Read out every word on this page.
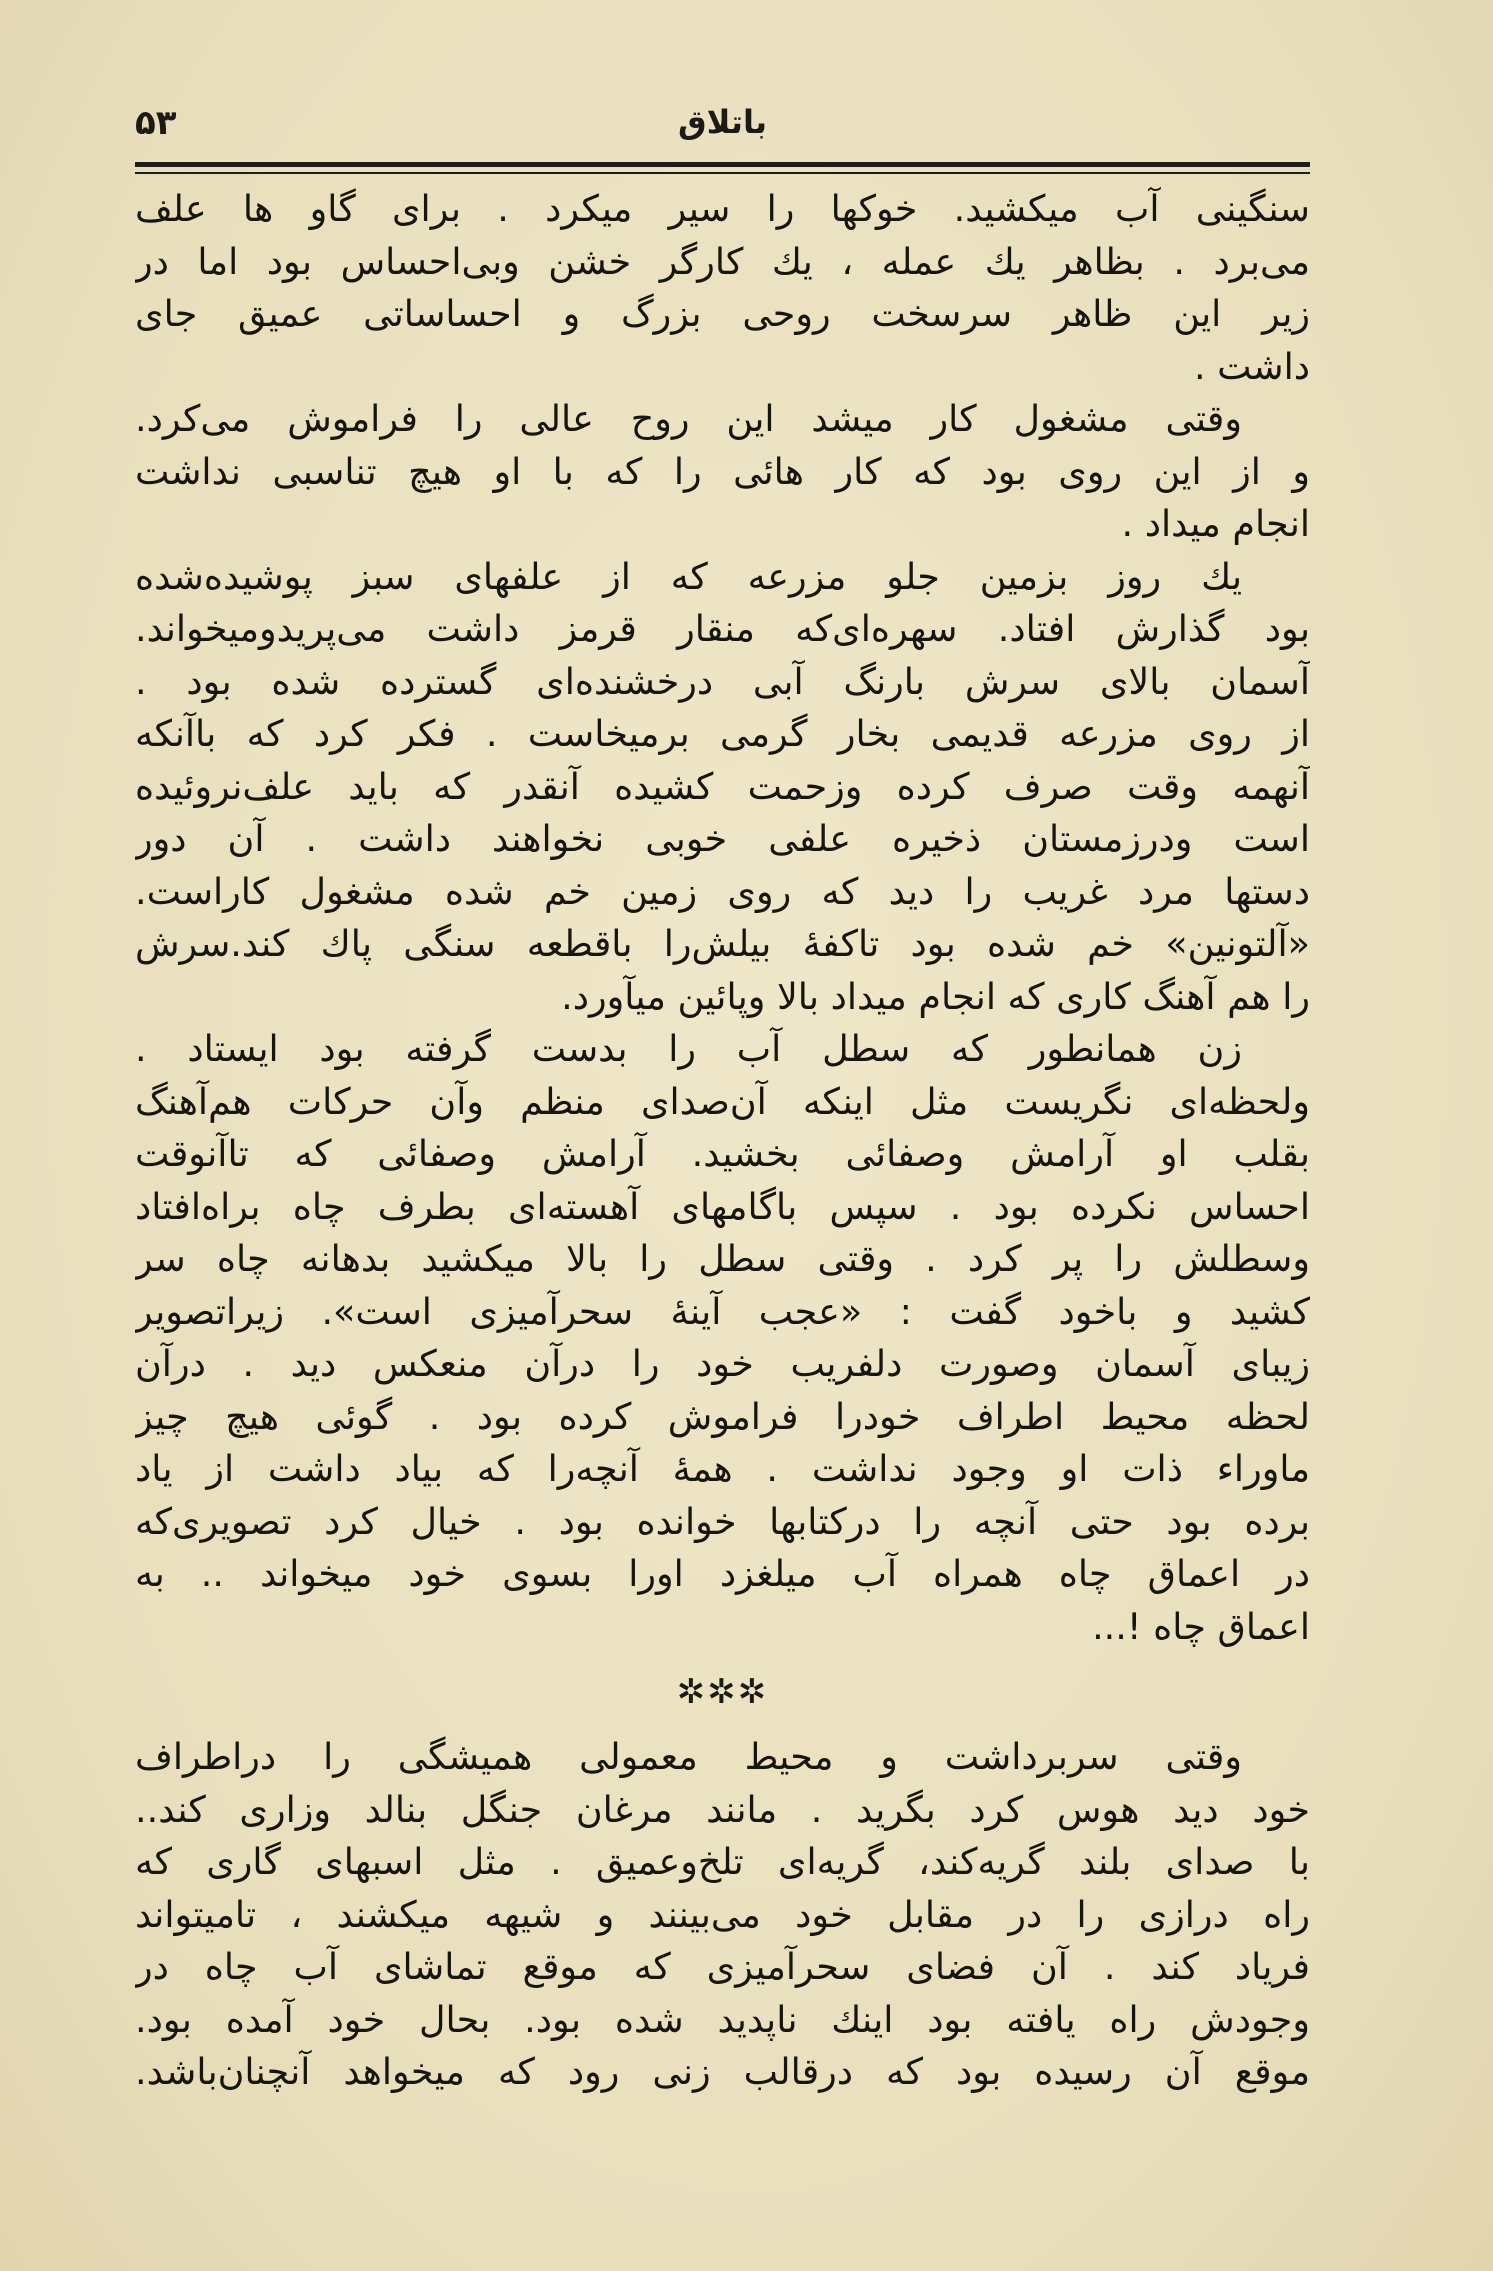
۵۳	باتلاق
سنگینی آب میکشید. خوکها را سیر میکرد . برای گاو ها علف
می‌برد . بظاهر یك عمله ، یك کارگر خشن وبی‌احساس بود اما در
زیر این ظاهر سرسخت روحی بزرگ و احساساتی عمیق جای
داشت .
وقتی مشغول کار میشد این روح عالی را فراموش می‌کرد.
و از این روی بود که کار هائی را که با او هیچ تناسبی نداشت
انجام میداد .
یك روز بزمین جلو مزرعه که از علفهای سبز پوشیده‌شده
بود گذارش افتاد. سهره‌ای‌که منقار قرمز داشت می‌پریدومیخواند.
آسمان بالای سرش بارنگ آبی درخشنده‌ای گسترده شده بود .
از روی مزرعه قدیمی بخار گرمی برمیخاست . فکر کرد که باآنکه
آنهمه وقت صرف کرده وزحمت کشیده آنقدر که باید علف‌نروئیده
است ودرزمستان ذخیره علفی خوبی نخواهند داشت . آن دور
دستها مرد غریب را دید که روی زمین خم شده مشغول کاراست.
«آلتونین» خم شده بود تاکفهٔ بیلش‌را باقطعه سنگی پاك کند.سرش
را هم آهنگ کاری که انجام میداد بالا وپائین میآورد.
زن همانطور که سطل آب را بدست گرفته بود ایستاد .
ولحظه‌ای نگریست مثل اینکه آن‌صدای منظم وآن حرکات هم‌آهنگ
بقلب او آرامش وصفائی بخشید. آرامش وصفائی که تاآنوقت
احساس نکرده بود . سپس باگامهای آهسته‌ای بطرف چاه براه‌افتاد
وسطلش را پر کرد . وقتی سطل را بالا میکشید بدهانه چاه سر
کشید و باخود گفت : «عجب آینهٔ سحرآمیزی است». زیراتصویر
زیبای آسمان وصورت دلفریب خود را درآن منعکس دید . درآن
لحظه محیط اطراف خودرا فراموش کرده بود . گوئی هیچ چیز
ماوراء ذات او وجود نداشت . همهٔ آنچه‌را که بیاد داشت از یاد
برده بود حتی آنچه را درکتابها خوانده بود . خیال کرد تصویری‌که
در اعماق چاه همراه آب میلغزد اورا بسوی خود میخواند .. به
اعماق چاه !...
✲✲✲
وقتی سربرداشت و محیط معمولی همیشگی را دراطراف
خود دید هوس کرد بگرید . مانند مرغان جنگل بنالد وزاری کند..
با صدای بلند گریه‌کند، گریه‌ای تلخ‌وعمیق . مثل اسبهای گاری که
راه درازی را در مقابل خود می‌بینند و شیهه میکشند ، تامیتواند
فریاد کند . آن فضای سحرآمیزی که موقع تماشای آب چاه در
وجودش راه یافته بود اینك ناپدید شده بود. بحال خود آمده بود.
موقع آن رسیده بود که درقالب زنی رود که میخواهد آنچنان‌باشد.
